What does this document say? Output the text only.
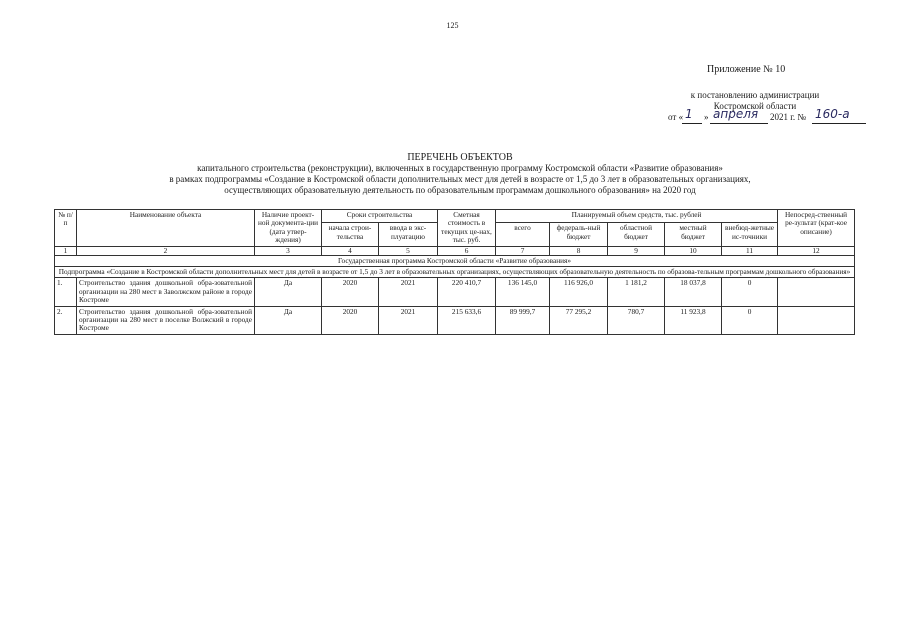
125
Приложение № 10
к постановлению администрации
Костромской области
от « 1 » апреля 2021 г. № 160-а
ПЕРЕЧЕНЬ ОБЪЕКТОВ
капитального строительства (реконструкции), включенных в государственную программу Костромской области «Развитие образования»
в рамках подпрограммы «Создание в Костромской области дополнительных мест для детей в возрасте от 1,5 до 3 лет в образовательных организациях,
осуществляющих образовательную деятельность по образовательным программам дошкольного образования» на 2020 год
№ п/п	Наименование объекта	Наличие проект-ной документа-ции (дата утвер-ждения)	Сроки строительства		Сметная стоимость в текущих це-нах, тыс. руб.	Планируемый объем средств, тыс. рублей					Непосред-ственный ре-зультат (крат-кое описание)
			начала строи-тельства	ввода в экс-плуатацию		всего	федераль-ный бюджет	областной бюджет	местный бюджет	внебюд-жетные ис-точники	
1	2	3	4	5	6	7	8	9	10	11	12
Государственная программа Костромской области «Развитие образования»											
Подпрограмма «Создание в Костромской области дополнительных мест для детей в возрасте от 1,5 до 3 лет в образовательных организациях, осуществляющих образовательную деятельность по образова-тельным программам дошкольного образования»											
1.	Строительство здания дошкольной обра-зовательной организации на 280 мест в Заволжском районе в городе Костроме	Да	2020	2021	220 410,7	136 145,0	116 926,0	1 181,2	18 037,8	0	
2.	Строительство здания дошкольной обра-зовательной организации на 280 мест в поселке Волжский в городе Костроме	Да	2020	2021	215 633,6	89 999,7	77 295,2	780,7	11 923,8	0	
